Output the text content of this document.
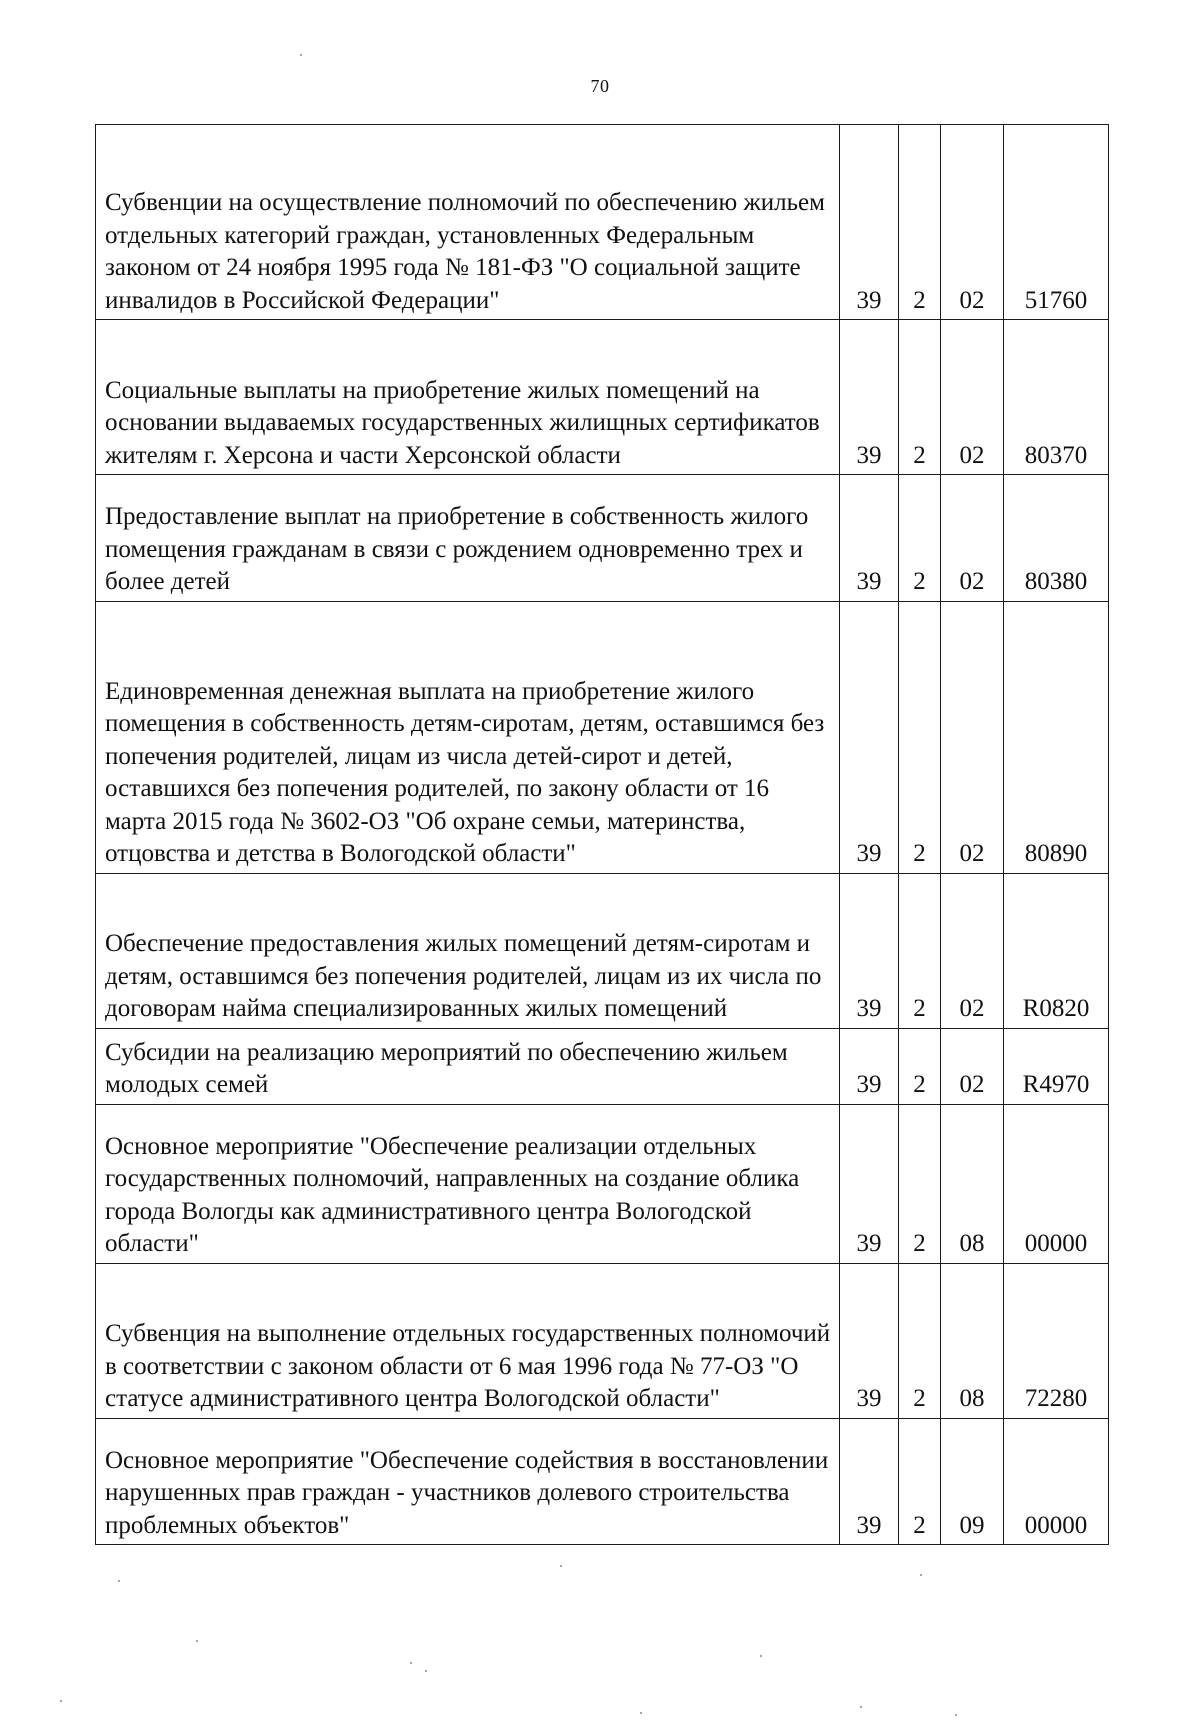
70
Субвенции на осуществление полномочий по обеспечению жильем отдельных категорий граждан, установленных Федеральным законом от 24 ноября 1995 года № 181-ФЗ "О социальной защите инвалидов в Российской Федерации"	39	2	02	51760
Социальные выплаты на приобретение жилых помещений на основании выдаваемых государственных жилищных сертификатов жителям г. Херсона и части Херсонской области	39	2	02	80370
Предоставление выплат на приобретение в собственность жилого помещения гражданам в связи с рождением одновременно трех и более детей	39	2	02	80380
Единовременная денежная выплата на приобретение жилого помещения в собственность детям-сиротам, детям, оставшимся без попечения родителей, лицам из числа детей-сирот и детей, оставшихся без попечения родителей, по закону области от 16 марта 2015 года № 3602-ОЗ "Об охране семьи, материнства, отцовства и детства в Вологодской области"	39	2	02	80890
Обеспечение предоставления жилых помещений детям-сиротам и детям, оставшимся без попечения родителей, лицам из их числа по договорам найма специализированных жилых помещений	39	2	02	R0820
Субсидии на реализацию мероприятий по обеспечению жильем молодых семей	39	2	02	R4970
Основное мероприятие "Обеспечение реализации отдельных государственных полномочий, направленных на создание облика города Вологды как административного центра Вологодской области"	39	2	08	00000
Субвенция на выполнение отдельных государственных полномочий в соответствии с законом области от 6 мая 1996 года № 77-ОЗ "О статусе административного центра Вологодской области"	39	2	08	72280
Основное мероприятие "Обеспечение содействия в восстановлении нарушенных прав граждан - участников долевого строительства проблемных объектов"	39	2	09	00000
